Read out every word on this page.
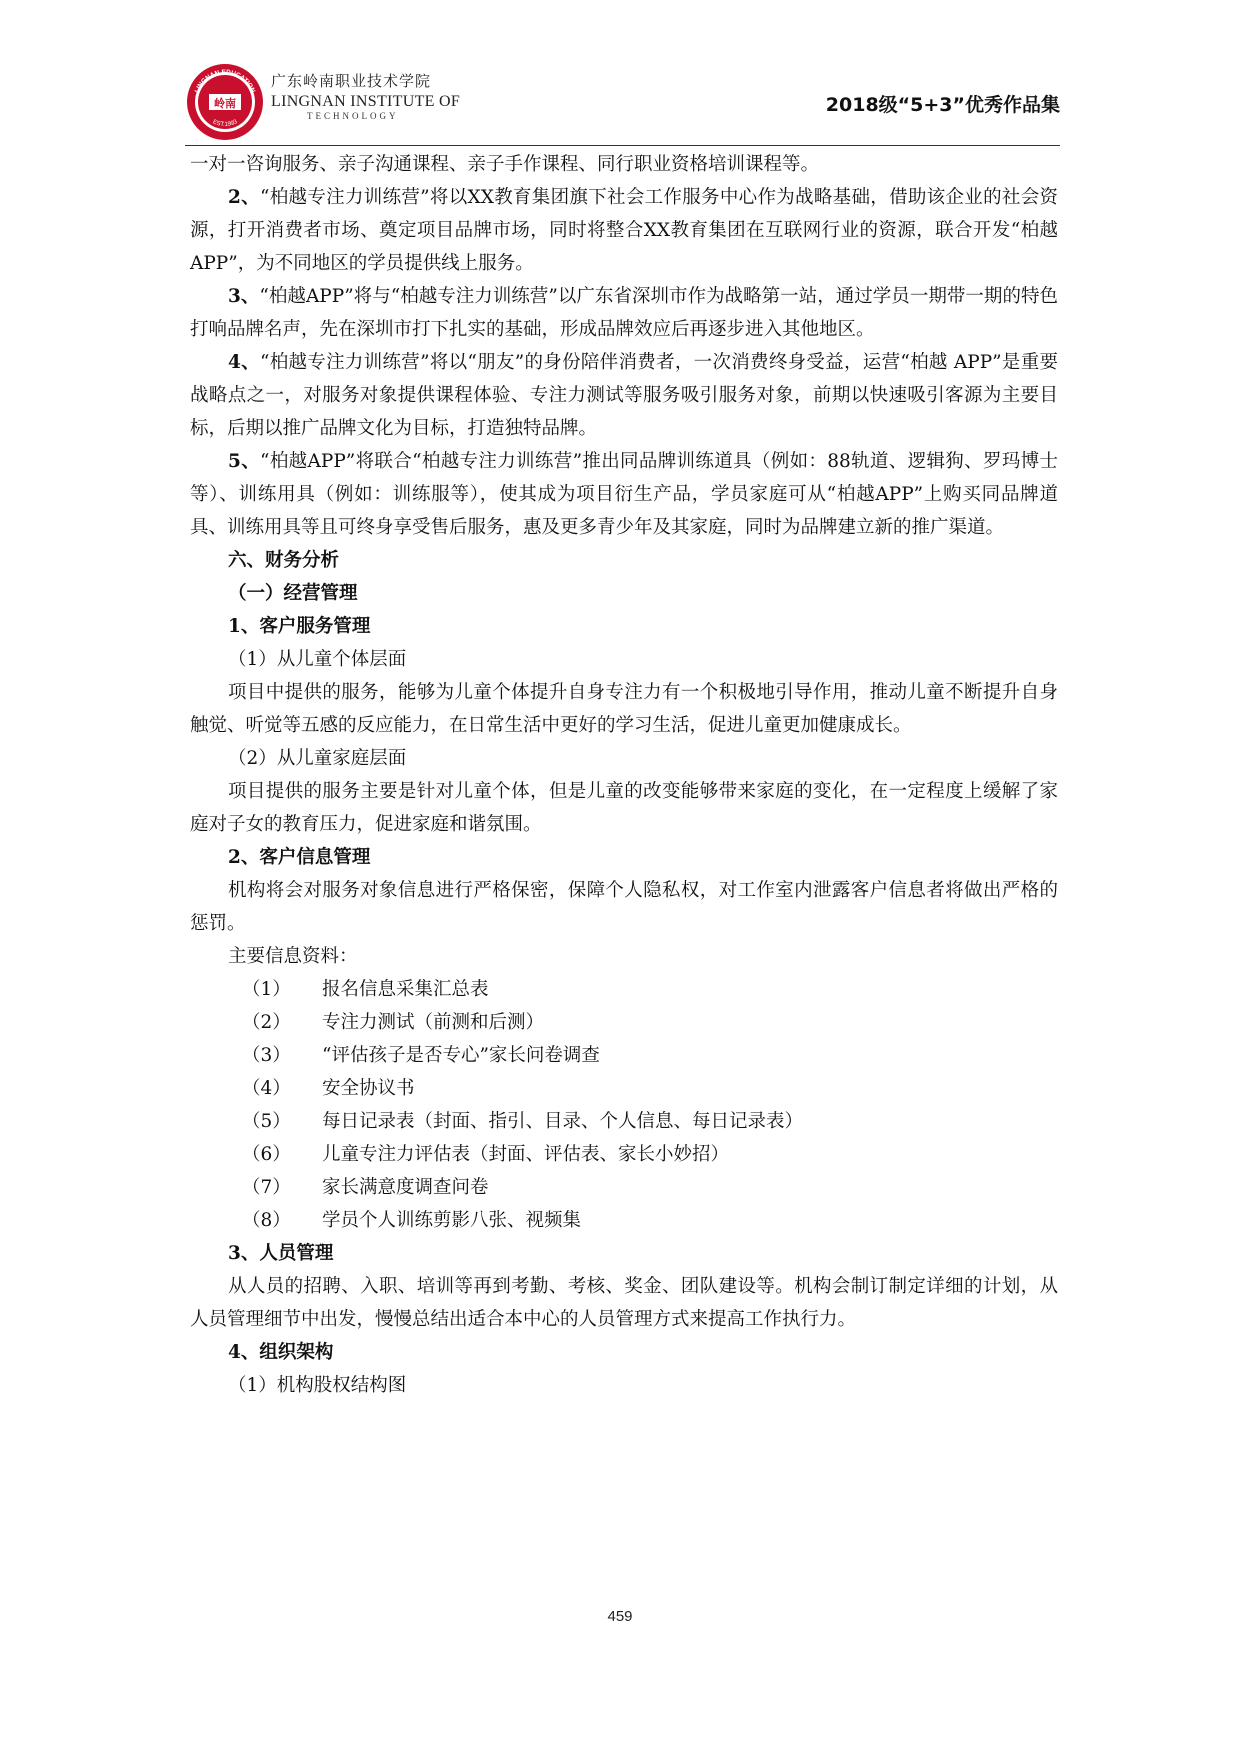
LINGNAN EDUCATION
EST.1993
岭南
广东岭南职业技术学院
LINGNAN INSTITUTE OF
TECHNOLOGY	2018级“5+3”优秀作品集

一对一咨询服务、亲子沟通课程、亲子手作课程、同行职业资格培训课程等。

2、“柏越专注力训练营”将以XX教育集团旗下社会工作服务中心作为战略基础，借助该企业的社会资源，打开消费者市场、奠定项目品牌市场，同时将整合XX教育集团在互联网行业的资源，联合开发“柏越APP”，为不同地区的学员提供线上服务。

3、“柏越APP”将与“柏越专注力训练营”以广东省深圳市作为战略第一站，通过学员一期带一期的特色打响品牌名声，先在深圳市打下扎实的基础，形成品牌效应后再逐步进入其他地区。

4、“柏越专注力训练营”将以“朋友”的身份陪伴消费者，一次消费终身受益，运营“柏越 APP”是重要战略点之一，对服务对象提供课程体验、专注力测试等服务吸引服务对象，前期以快速吸引客源为主要目标，后期以推广品牌文化为目标，打造独特品牌。

5、“柏越APP”将联合“柏越专注力训练营”推出同品牌训练道具（例如：88轨道、逻辑狗、罗玛博士等）、训练用具（例如：训练服等），使其成为项目衍生产品，学员家庭可从“柏越APP”上购买同品牌道具、训练用具等且可终身享受售后服务，惠及更多青少年及其家庭，同时为品牌建立新的推广渠道。

六、财务分析

（一）经营管理

1、客户服务管理

（1）从儿童个体层面

项目中提供的服务，能够为儿童个体提升自身专注力有一个积极地引导作用，推动儿童不断提升自身触觉、听觉等五感的反应能力，在日常生活中更好的学习生活，促进儿童更加健康成长。

（2）从儿童家庭层面

项目提供的服务主要是针对儿童个体，但是儿童的改变能够带来家庭的变化，在一定程度上缓解了家庭对子女的教育压力，促进家庭和谐氛围。

2、客户信息管理

机构将会对服务对象信息进行严格保密，保障个人隐私权，对工作室内泄露客户信息者将做出严格的惩罚。

主要信息资料：

（1）	报名信息采集汇总表

（2）	专注力测试（前测和后测）

（3）	“评估孩子是否专心”家长问卷调查

（4）	安全协议书

（5）	每日记录表（封面、指引、目录、个人信息、每日记录表）

（6）	儿童专注力评估表（封面、评估表、家长小妙招）

（7）	家长满意度调查问卷

（8）	学员个人训练剪影八张、视频集

3、人员管理

从人员的招聘、入职、培训等再到考勤、考核、奖金、团队建设等。机构会制订制定详细的计划，从人员管理细节中出发，慢慢总结出适合本中心的人员管理方式来提高工作执行力。

4、组织架构

（1）机构股权结构图

459
